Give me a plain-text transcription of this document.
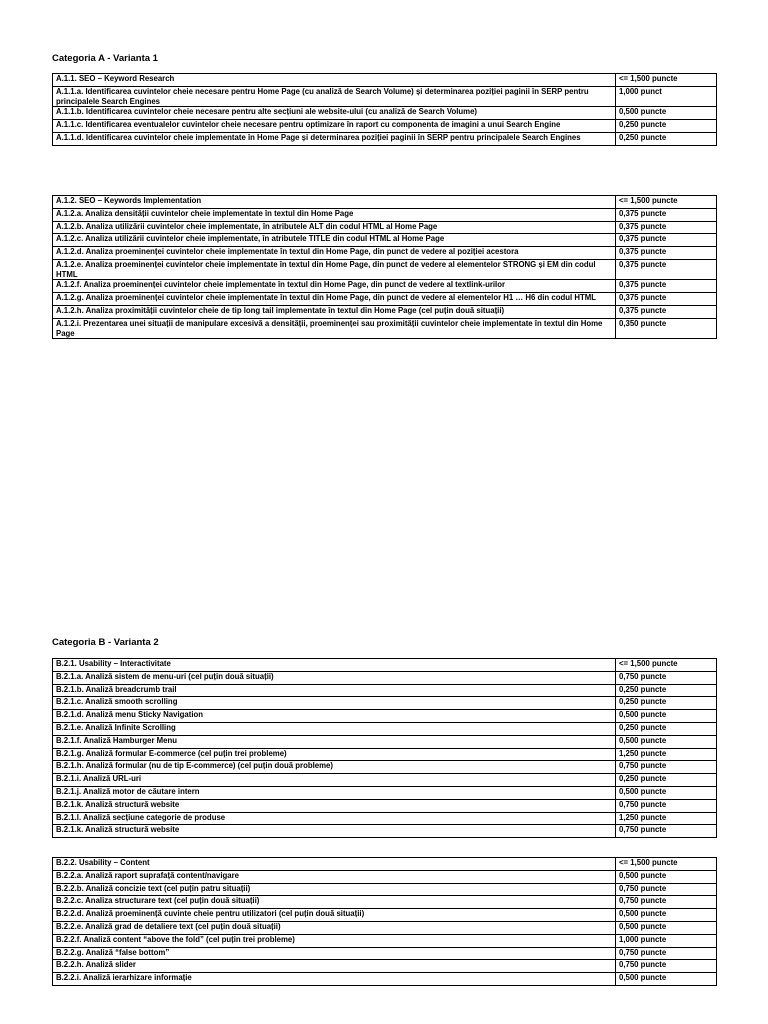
Categoria A - Varianta 1
A.1.1. SEO – Keyword Research	<= 1,500 puncte
A.1.1.a. Identificarea cuvintelor cheie necesare pentru Home Page (cu analiză de Search Volume) și determinarea poziției paginii în SERP pentru principalele Search Engines	1,000 punct
A.1.1.b. Identificarea cuvintelor cheie necesare pentru alte secțiuni ale website-ului (cu analiză de Search Volume)	0,500 puncte
A.1.1.c. Identificarea eventualelor cuvintelor cheie necesare pentru optimizare în raport cu componenta de imagini a unui Search Engine	0,250 puncte
A.1.1.d. Identificarea cuvintelor cheie implementate în Home Page și determinarea poziției paginii în SERP pentru principalele Search Engines	0,250 puncte
A.1.2. SEO – Keywords Implementation	<= 1,500 puncte
A.1.2.a. Analiza densității cuvintelor cheie implementate în textul din Home Page	0,375 puncte
A.1.2.b. Analiza utilizării cuvintelor cheie implementate, în atributele ALT din codul HTML al Home Page	0,375 puncte
A.1.2.c. Analiza utilizării cuvintelor cheie implementate, în atributele TITLE din codul HTML al Home Page	0,375 puncte
A.1.2.d. Analiza proeminenței cuvintelor cheie implementate în textul din Home Page, din punct de vedere al poziției acestora	0,375 puncte
A.1.2.e. Analiza proeminenței cuvintelor cheie implementate în textul din Home Page, din punct de vedere al elementelor STRONG și EM din codul HTML	0,375 puncte
A.1.2.f. Analiza proeminenței cuvintelor cheie implementate în textul din Home Page, din punct de vedere al textlink-urilor	0,375 puncte
A.1.2.g. Analiza proeminenței cuvintelor cheie implementate în textul din Home Page, din punct de vedere al elementelor H1 … H6 din codul HTML	0,375 puncte
A.1.2.h. Analiza proximității cuvintelor cheie de tip long tail implementate în textul din Home Page (cel puțin două situații)	0,375 puncte
A.1.2.i. Prezentarea unei situații de manipulare excesivă a densității, proeminenței sau proximității cuvintelor cheie implementate în textul din Home Page	0,350 puncte
Categoria B - Varianta 2
B.2.1. Usability – Interactivitate	<= 1,500 puncte
B.2.1.a. Analiză sistem de menu-uri (cel puțin două situații)	0,750 puncte
B.2.1.b. Analiză breadcrumb trail	0,250 puncte
B.2.1.c. Analiză smooth scrolling	0,250 puncte
B.2.1.d. Analiză menu Sticky Navigation	0,500 puncte
B.2.1.e. Analiză Infinite Scrolling	0,250 puncte
B.2.1.f. Analiză Hamburger Menu	0,500 puncte
B.2.1.g. Analiză formular E-commerce (cel puțin trei probleme)	1,250 puncte
B.2.1.h. Analiză formular (nu de tip E-commerce) (cel puțin două probleme)	0,750 puncte
B.2.1.i. Analiză URL-uri	0,250 puncte
B.2.1.j. Analiză motor de căutare intern	0,500 puncte
B.2.1.k. Analiză structură website	0,750 puncte
B.2.1.l. Analiză secțiune categorie de produse	1,250 puncte
B.2.1.k. Analiză structură website	0,750 puncte
B.2.2. Usability – Content	<= 1,500 puncte
B.2.2.a. Analiză raport suprafață content/navigare	0,500 puncte
B.2.2.b. Analiză concizie text (cel puțin patru situații)	0,750 puncte
B.2.2.c. Analiza structurare text (cel puțin două situații)	0,750 puncte
B.2.2.d. Analiză proeminență cuvinte cheie pentru utilizatori (cel puțin două situații)	0,500 puncte
B.2.2.e. Analiză grad de detaliere text (cel puțin două situații)	0,500 puncte
B.2.2.f. Analiză content “above the fold” (cel puțin trei probleme)	1,000 puncte
B.2.2.g. Analiză “false bottom”	0,750 puncte
B.2.2.h. Analiză slider	0,750 puncte
B.2.2.i. Analiză ierarhizare informație	0,500 puncte
